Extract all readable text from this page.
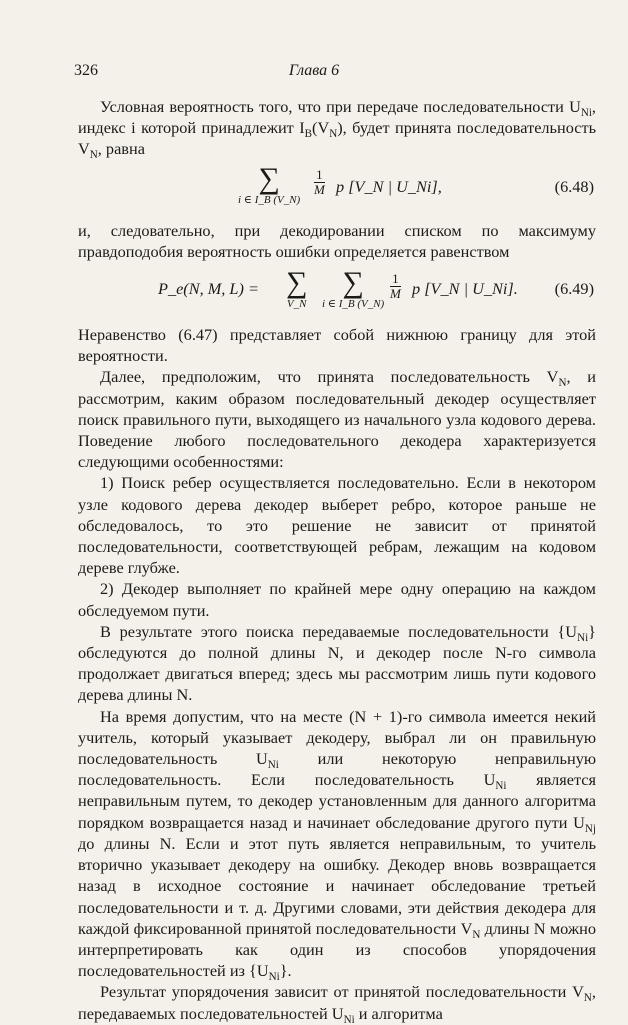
326	Глава 6

Условная вероятность того, что при передаче последовательности $U_{Ni}$, индекс i которой принадлежит $I_B(V_N)$, будет принята последовательность $V_N$, равна

∑
i ∈ I_B (V_N)
$\frac{1}{M}$ p [V_N | U_Ni],	(6.48)

и, следовательно, при декодировании списком по максимуму правдоподобия вероятность ошибки определяется равенством

P_e(N, M, L) = ∑
V_N
∑
i ∈ I_B (V_N)
$\frac{1}{M}$ p [V_N | U_Ni]. (6.49)

Неравенство (6.47) представляет собой нижнюю границу для этой вероятности.

Далее, предположим, что принята последовательность $V_N$, и рассмотрим, каким образом последовательный декодер осуществляет поиск правильного пути, выходящего из начального узла кодового дерева. Поведение любого последовательного декодера характеризуется следующими особенностями:

1) Поиск ребер осуществляется последовательно. Если в некотором узле кодового дерева декодер выберет ребро, которое раньше не обследовалось, то это решение не зависит от принятой последовательности, соответствующей ребрам, лежащим на кодовом дереве глубже.

2) Декодер выполняет по крайней мере одну операцию на каждом обследуемом пути.

В результате этого поиска передаваемые последовательности $\{U_{Ni}\}$ обследуются до полной длины N, и декодер после N-го символа продолжает двигаться вперед; здесь мы рассмотрим лишь пути кодового дерева длины N.

На время допустим, что на месте (N + 1)-го символа имеется некий учитель, который указывает декодеру, выбрал ли он правильную последовательность $U_{Ni}$ или некоторую неправильную последовательность. Если последовательность $U_{Ni}$ является неправильным путем, то декодер установленным для данного алгоритма порядком возвращается назад и начинает обследование другого пути $U_{Nj}$ до длины N. Если и этот путь является неправильным, то учитель вторично указывает декодеру на ошибку. Декодер вновь возвращается назад в исходное состояние и начинает обследование третьей последовательности и т. д. Другими словами, эти действия декодера для каждой фиксированной принятой последовательности $V_N$ длины N можно интерпретировать как один из способов упорядочения последовательностей из $\{U_{Ni}\}$.

Результат упорядочения зависит от принятой последовательности $V_N$, передаваемых последовательностей $U_{Ni}$ и алгоритма
